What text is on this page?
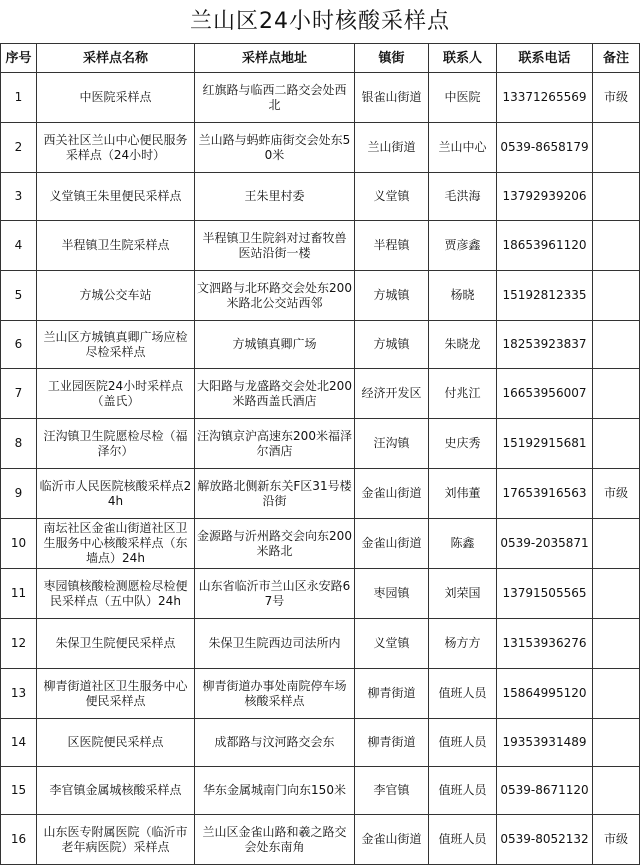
兰山区24小时核酸采样点
序号	采样点名称	采样点地址	镇街	联系人	联系电话	备注
1	中医院采样点	红旗路与临西二路交会处西北	银雀山街道	中医院	13371265569	市级
2	西关社区兰山中心便民服务采样点（24小时）	兰山路与蚂蚱庙街交会处东50米	兰山街道	兰山中心	0539-8658179	
3	义堂镇王朱里便民采样点	王朱里村委	义堂镇	毛洪海	13792939206	
4	半程镇卫生院采样点	半程镇卫生院斜对过畜牧兽医站沿街一楼	半程镇	贾彦鑫	18653961120	
5	方城公交车站	文泗路与北环路交会处东200米路北公交站西邻	方城镇	杨晓	15192812335	
6	兰山区方城镇真卿广场应检尽检采样点	方城镇真卿广场	方城镇	朱晓龙	18253923837	
7	工业园医院24小时采样点（盖氏）	大阳路与龙盛路交会处北200米路西盖氏酒店	经济开发区	付兆江	16653956007	
8	汪沟镇卫生院愿检尽检（福泽尔）	汪沟镇京沪高速东200米福泽尔酒店	汪沟镇	史庆秀	15192915681	
9	临沂市人民医院核酸采样点24h	解放路北侧新东关F区31号楼沿街	金雀山街道	刘伟董	17653916563	市级
10	南坛社区金雀山街道社区卫生服务中心核酸采样点（东墙点）24h	金源路与沂州路交会向东200米路北	金雀山街道	陈鑫	0539-2035871	
11	枣园镇核酸检测愿检尽检便民采样点（五中队）24h	山东省临沂市兰山区永安路67号	枣园镇	刘荣国	13791505565	
12	朱保卫生院便民采样点	朱保卫生院西边司法所内	义堂镇	杨方方	13153936276	
13	柳青街道社区卫生服务中心便民采样点	柳青街道办事处南院停车场核酸采样点	柳青街道	值班人员	15864995120	
14	区医院便民采样点	成都路与汶河路交会东	柳青街道	值班人员	19353931489	
15	李官镇金属城核酸采样点	华东金属城南门向东150米	李官镇	值班人员	0539-8671120	
16	山东医专附属医院（临沂市老年病医院）采样点	兰山区金雀山路和羲之路交会处东南角	金雀山街道	值班人员	0539-8052132	市级
